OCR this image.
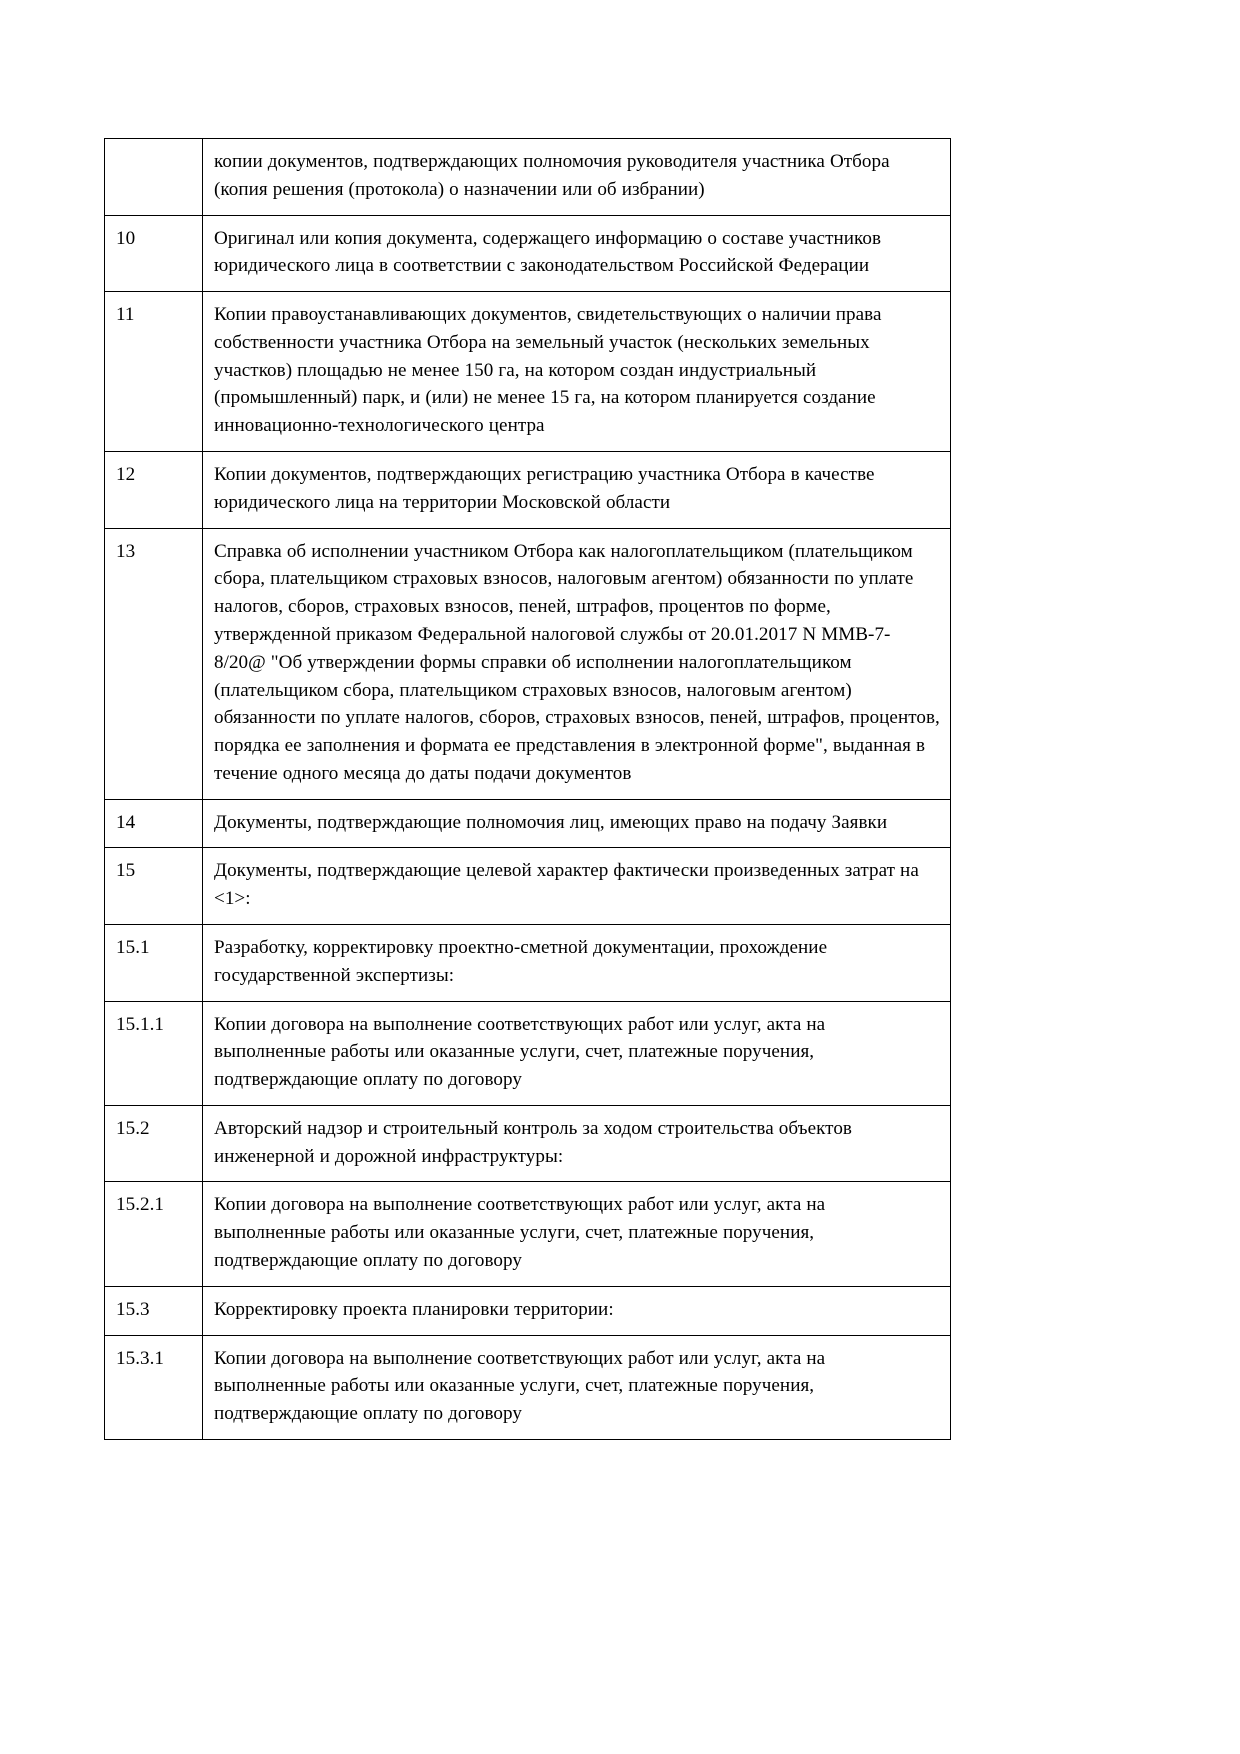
	копии документов, подтверждающих полномочия руководителя участника Отбора (копия решения (протокола) о назначении или об избрании)
10	Оригинал или копия документа, содержащего информацию о составе участников юридического лица в соответствии с законодательством Российской Федерации
11	Копии правоустанавливающих документов, свидетельствующих о наличии права собственности участника Отбора на земельный участок (нескольких земельных участков) площадью не менее 150 га, на котором создан индустриальный (промышленный) парк, и (или) не менее 15 га, на котором планируется создание инновационно-технологического центра
12	Копии документов, подтверждающих регистрацию участника Отбора в качестве юридического лица на территории Московской области
13	Справка об исполнении участником Отбора как налогоплательщиком (плательщиком сбора, плательщиком страховых взносов, налоговым агентом) обязанности по уплате налогов, сборов, страховых взносов, пеней, штрафов, процентов по форме, утвержденной приказом Федеральной налоговой службы от 20.01.2017 N ММВ-7-8/20@ "Об утверждении формы справки об исполнении налогоплательщиком (плательщиком сбора, плательщиком страховых взносов, налоговым агентом) обязанности по уплате налогов, сборов, страховых взносов, пеней, штрафов, процентов, порядка ее заполнения и формата ее представления в электронной форме", выданная в течение одного месяца до даты подачи документов
14	Документы, подтверждающие полномочия лиц, имеющих право на подачу Заявки
15	Документы, подтверждающие целевой характер фактически произведенных затрат на <1>:
15.1	Разработку, корректировку проектно-сметной документации, прохождение государственной экспертизы:
15.1.1	Копии договора на выполнение соответствующих работ или услуг, акта на выполненные работы или оказанные услуги, счет, платежные поручения, подтверждающие оплату по договору
15.2	Авторский надзор и строительный контроль за ходом строительства объектов инженерной и дорожной инфраструктуры:
15.2.1	Копии договора на выполнение соответствующих работ или услуг, акта на выполненные работы или оказанные услуги, счет, платежные поручения, подтверждающие оплату по договору
15.3	Корректировку проекта планировки территории:
15.3.1	Копии договора на выполнение соответствующих работ или услуг, акта на выполненные работы или оказанные услуги, счет, платежные поручения, подтверждающие оплату по договору
